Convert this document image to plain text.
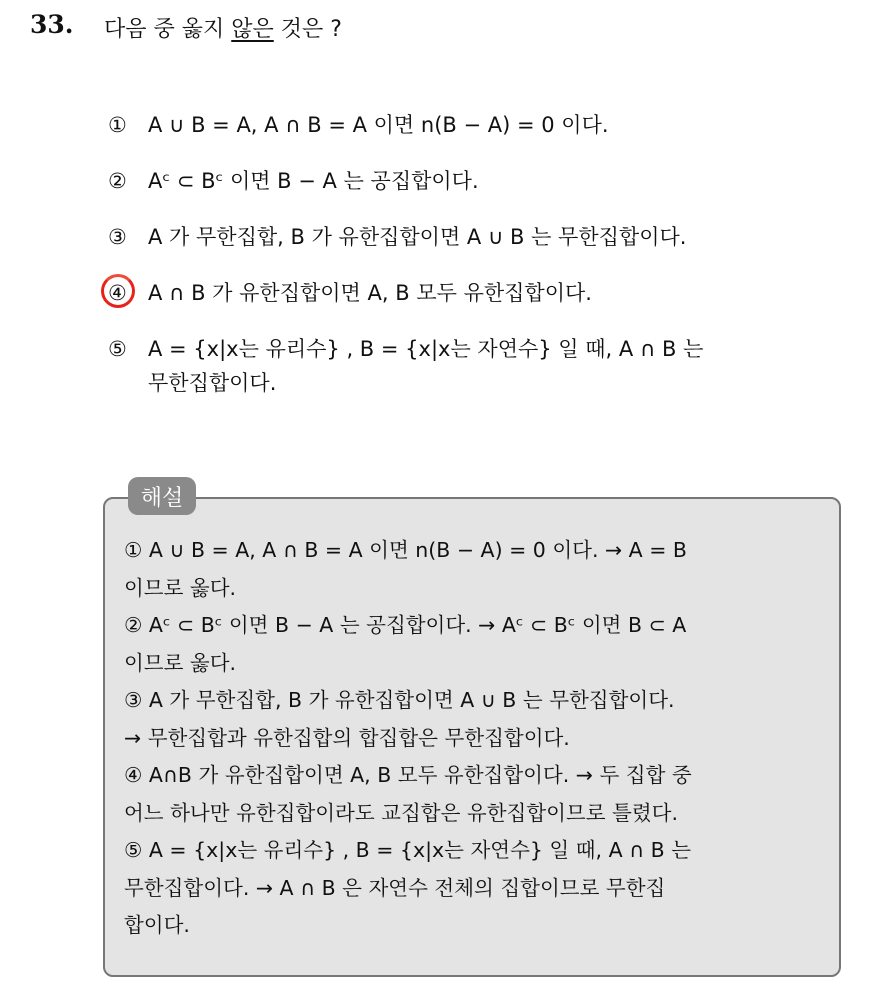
33. 다음 중 옳지 않은 것은 ?
①	A ∪ B = A, A ∩ B = A 이면 n(B − A) = 0 이다.
②	Aᶜ ⊂ Bᶜ 이면 B − A 는 공집합이다.
③	A 가 무한집합, B 가 유한집합이면 A ∪ B 는 무한집합이다.
④	A ∩ B 가 유한집합이면 A, B 모두 유한집합이다.
⑤	A = {x|x는 유리수} , B = {x|x는 자연수} 일 때, A ∩ B 는
무한집합이다.
해설
① A ∪ B = A, A ∩ B = A 이면 n(B − A) = 0 이다. → A = B
이므로 옳다.
② Aᶜ ⊂ Bᶜ 이면 B − A 는 공집합이다. → Aᶜ ⊂ Bᶜ 이면 B ⊂ A
이므로 옳다.
③ A 가 무한집합, B 가 유한집합이면 A ∪ B 는 무한집합이다.
→ 무한집합과 유한집합의 합집합은 무한집합이다.
④ A∩B 가 유한집합이면 A, B 모두 유한집합이다. → 두 집합 중
어느 하나만 유한집합이라도 교집합은 유한집합이므로 틀렸다.
⑤ A = {x|x는 유리수} , B = {x|x는 자연수} 일 때, A ∩ B 는
무한집합이다. → A ∩ B 은 자연수 전체의 집합이므로 무한집
합이다.
